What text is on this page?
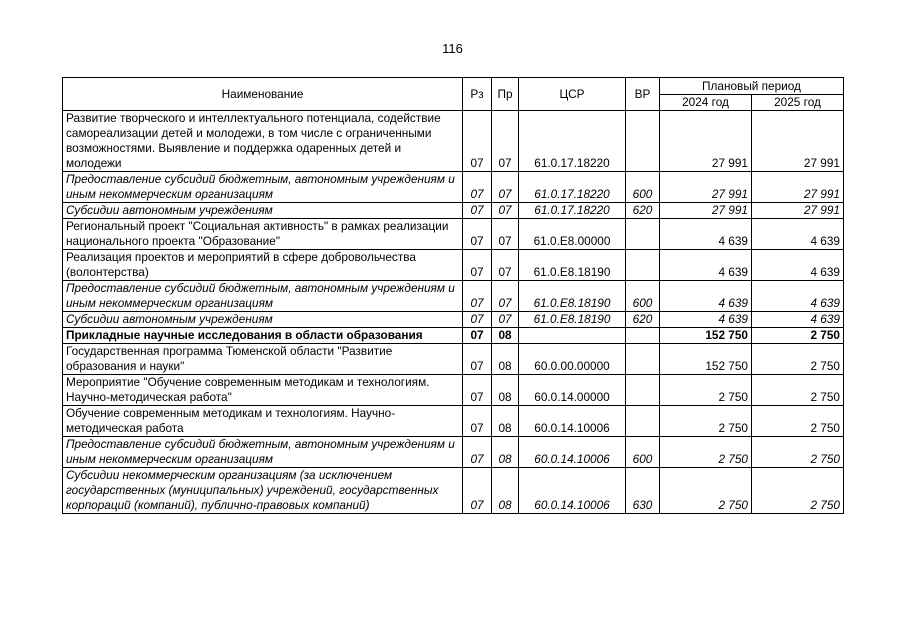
116
Наименование	Рз	Пр	ЦСР	ВР	Плановый период	
					2024 год	2025 год
Развитие творческого и интеллектуального потенциала, содействие самореализации детей и молодежи, в том числе с ограниченными возможностями. Выявление и поддержка одаренных детей и молодежи	07	07	61.0.17.18220		27 991	27 991
Предоставление субсидий бюджетным, автономным учреждениям и иным некоммерческим организациям	07	07	61.0.17.18220	600	27 991	27 991
Субсидии автономным учреждениям	07	07	61.0.17.18220	620	27 991	27 991
Региональный проект "Социальная активность" в рамках реализации национального проекта "Образование"	07	07	61.0.Е8.00000		4 639	4 639
Реализация проектов и мероприятий в сфере добровольчества (волонтерства)	07	07	61.0.Е8.18190		4 639	4 639
Предоставление субсидий бюджетным, автономным учреждениям и иным некоммерческим организациям	07	07	61.0.Е8.18190	600	4 639	4 639
Субсидии автономным учреждениям	07	07	61.0.Е8.18190	620	4 639	4 639
Прикладные научные исследования в области образования	07	08			152 750	2 750
Государственная программа Тюменской области "Развитие образования и науки"	07	08	60.0.00.00000		152 750	2 750
Мероприятие "Обучение современным методикам и технологиям. Научно-методическая работа"	07	08	60.0.14.00000		2 750	2 750
Обучение современным методикам и технологиям. Научно-методическая работа	07	08	60.0.14.10006		2 750	2 750
Предоставление субсидий бюджетным, автономным учреждениям и иным некоммерческим организациям	07	08	60.0.14.10006	600	2 750	2 750
Субсидии некоммерческим организациям (за исключением государственных (муниципальных) учреждений, государственных корпораций (компаний), публично-правовых компаний)	07	08	60.0.14.10006	630	2 750	2 750
